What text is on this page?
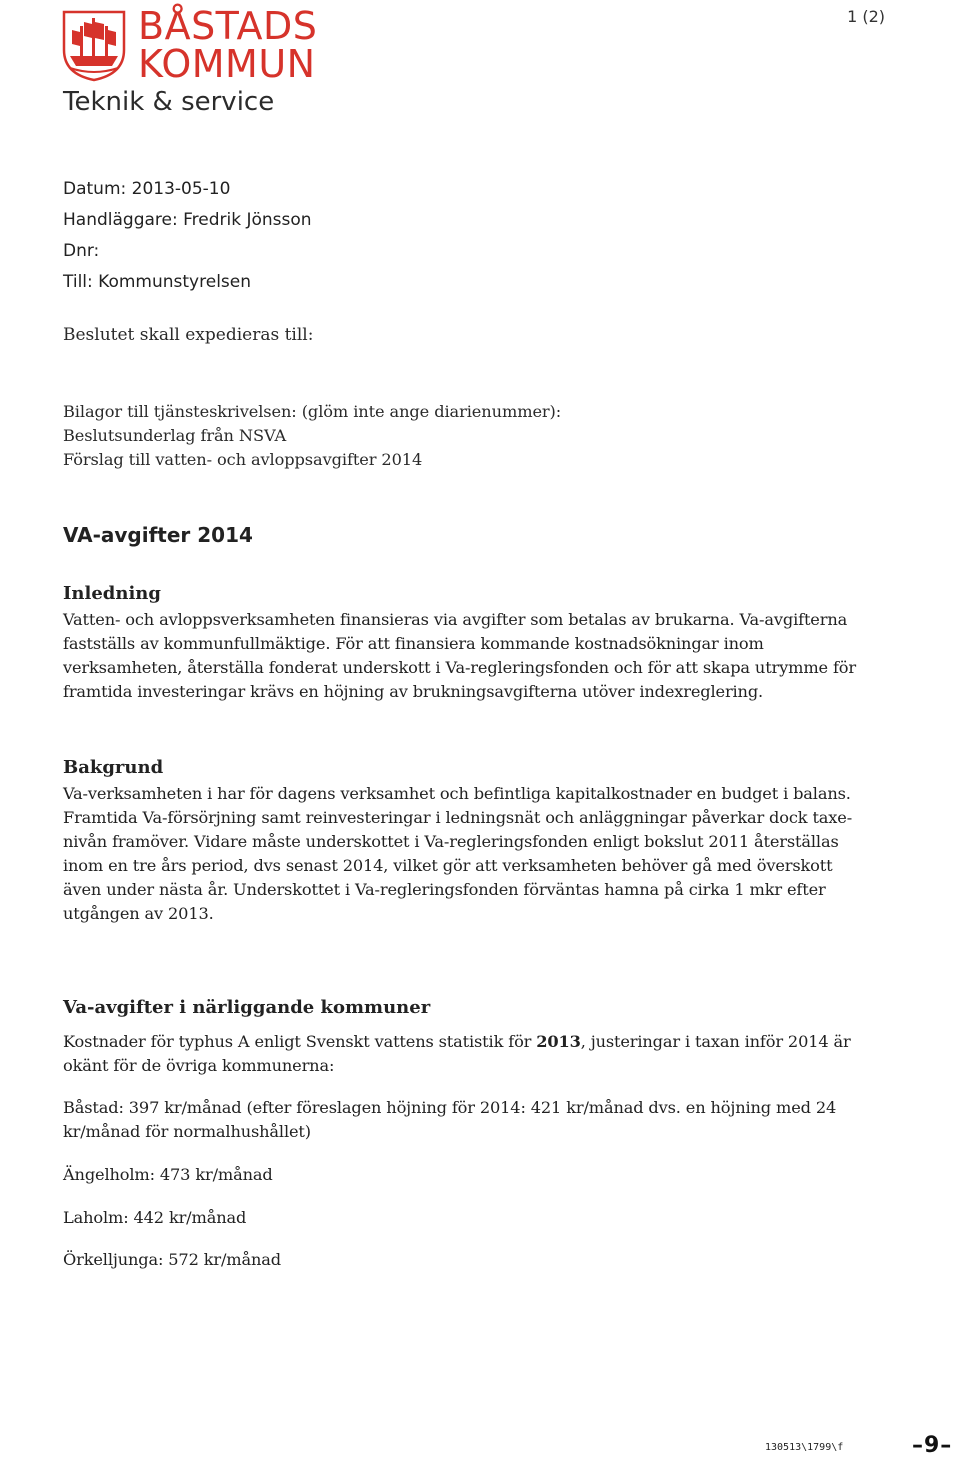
BÅSTADS
KOMMUN
Teknik & service
1 (2)
Datum: 2013-05-10
Handläggare: Fredrik Jönsson
Dnr:
Till: Kommunstyrelsen
Beslutet skall expedieras till:
Bilagor till tjänsteskrivelsen: (glöm inte ange diarienummer):
Beslutsunderlag från NSVA
Förslag till vatten- och avloppsavgifter 2014
VA-avgifter 2014
Inledning

Vatten- och avloppsverksamheten finansieras via avgifter som betalas av brukarna. Va-avgifterna fastställs av kommunfullmäktige. För att finansiera kommande kostnadsökningar inom verksamheten, återställa fonderat underskott i Va-regleringsfonden och för att skapa utrymme för framtida investeringar krävs en höjning av brukningsavgifterna utöver indexreglering.

Bakgrund

Va-verksamheten i har för dagens verksamhet och befintliga kapitalkostnader en budget i balans. Framtida Va-försörjning samt reinvesteringar i ledningsnät och anläggningar påverkar dock taxe-nivån framöver. Vidare måste underskottet i Va-regleringsfonden enligt bokslut 2011 återställas inom en tre års period, dvs senast 2014, vilket gör att verksamheten behöver gå med överskott även under nästa år. Underskottet i Va-regleringsfonden förväntas hamna på cirka 1 mkr efter utgången av 2013.

Va-avgifter i närliggande kommuner

Kostnader för typhus A enligt Svenskt vattens statistik för 2013, justeringar i taxan inför 2014 är okänt för de övriga kommunerna:

Båstad: 397 kr/månad (efter föreslagen höjning för 2014: 421 kr/månad dvs. en höjning med 24 kr/månad för normalhushållet)

Ängelholm: 473 kr/månad

Laholm: 442 kr/månad

Örkelljunga: 572 kr/månad

130513\1799\f	–9–
